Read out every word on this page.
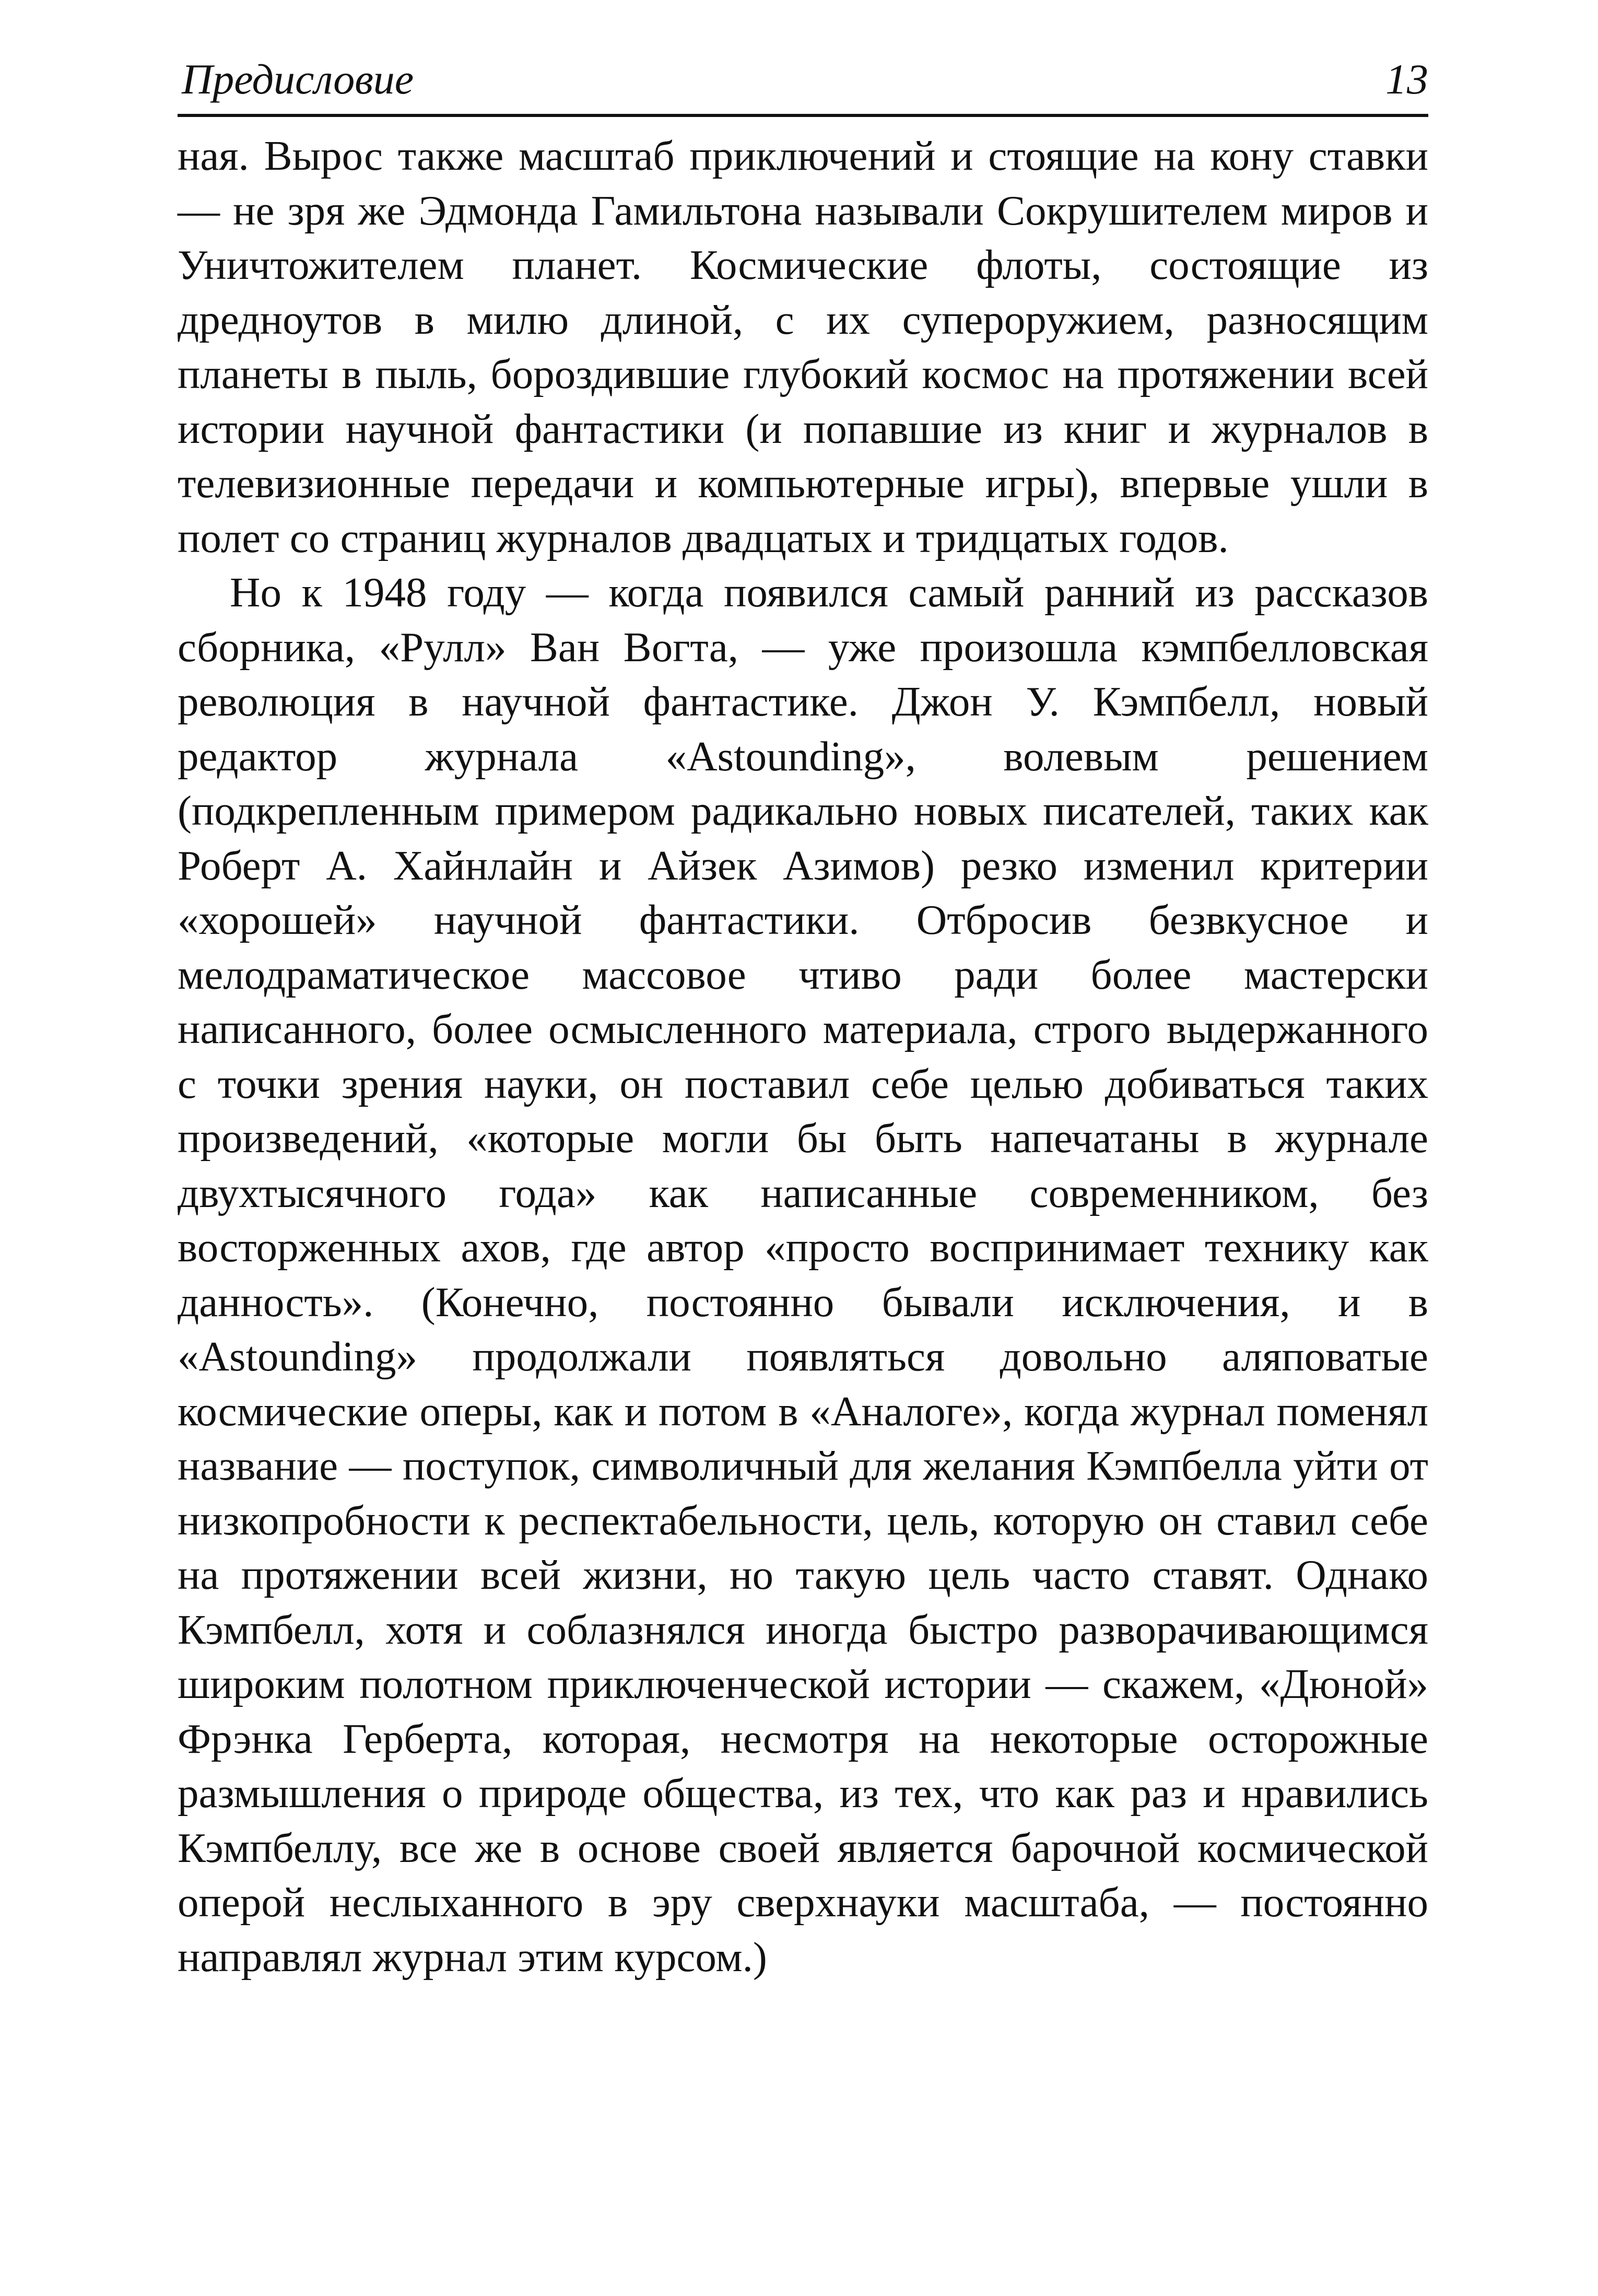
Предисловие	13

ная. Вырос также масштаб приключений и стоящие на кону ставки — не зря же Эдмонда Гамильтона называли Сокрушителем миров и Уничтожителем планет. Космические флоты, состоящие из дредноутов в милю длиной, с их супероружием, разносящим планеты в пыль, бороздившие глубокий космос на протяжении всей истории научной фантастики (и попавшие из книг и журналов в телевизионные передачи и компьютерные игры), впервые ушли в полет со страниц журналов двадцатых и тридцатых годов.

Но к 1948 году — когда появился самый ранний из рассказов сборника, «Рулл» Ван Вогта, — уже произошла кэмпбелловская революция в научной фантастике. Джон У. Кэмпбелл, новый редактор журнала «Astounding», волевым решением (подкрепленным примером радикально новых писателей, таких как Роберт А. Хайнлайн и Айзек Азимов) резко изменил критерии «хорошей» научной фантастики. Отбросив безвкусное и мелодраматическое массовое чтиво ради более мастерски написанного, более осмысленного материала, строго выдержанного с точки зрения науки, он поставил себе целью добиваться таких произведений, «которые могли бы быть напечатаны в журнале двухтысячного года» как написанные современником, без восторженных ахов, где автор «просто воспринимает технику как данность». (Конечно, постоянно бывали исключения, и в «Astounding» продолжали появляться довольно аляповатые космические оперы, как и потом в «Аналоге», когда журнал поменял название — поступок, символичный для желания Кэмпбелла уйти от низкопробности к респектабельности, цель, которую он ставил себе на протяжении всей жизни, но такую цель часто ставят. Однако Кэмпбелл, хотя и соблазнялся иногда быстро разворачивающимся широким полотном приключенческой истории — скажем, «Дюной» Фрэнка Герберта, которая, несмотря на некоторые осторожные размышления о природе общества, из тех, что как раз и нравились Кэмпбеллу, все же в основе своей является барочной космической оперой неслыханного в эру сверхнауки масштаба, — постоянно направлял журнал этим курсом.)
